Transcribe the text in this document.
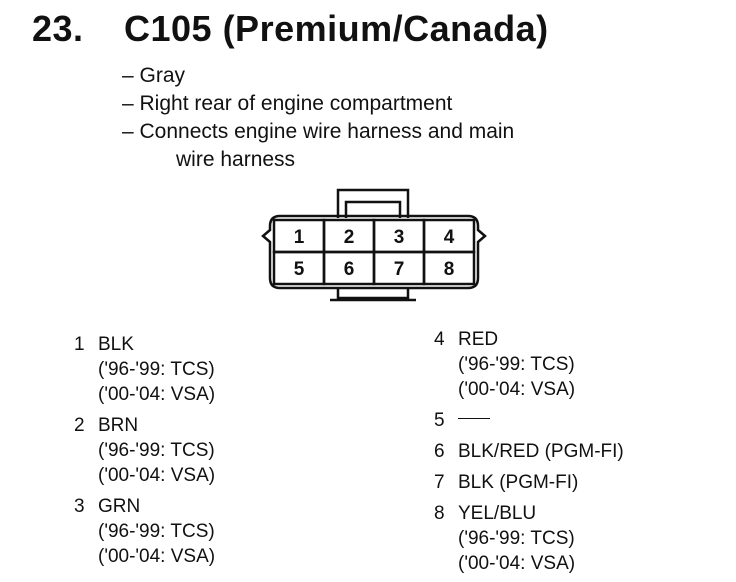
23. C105 (Premium/Canada)
– Gray
– Right rear of engine compartment
– Connects engine wire harness and main
wire harness
1 2 3 4
5 6 7 8
1 BLK
('96-'99: TCS)
('00-'04: VSA)
2 BRN
('96-'99: TCS)
('00-'04: VSA)
3 GRN
('96-'99: TCS)
('00-'04: VSA)
4 RED
('96-'99: TCS)
('00-'04: VSA)
5
6 BLK/RED (PGM-FI)
7 BLK (PGM-FI)
8 YEL/BLU
('96-'99: TCS)
('00-'04: VSA)
